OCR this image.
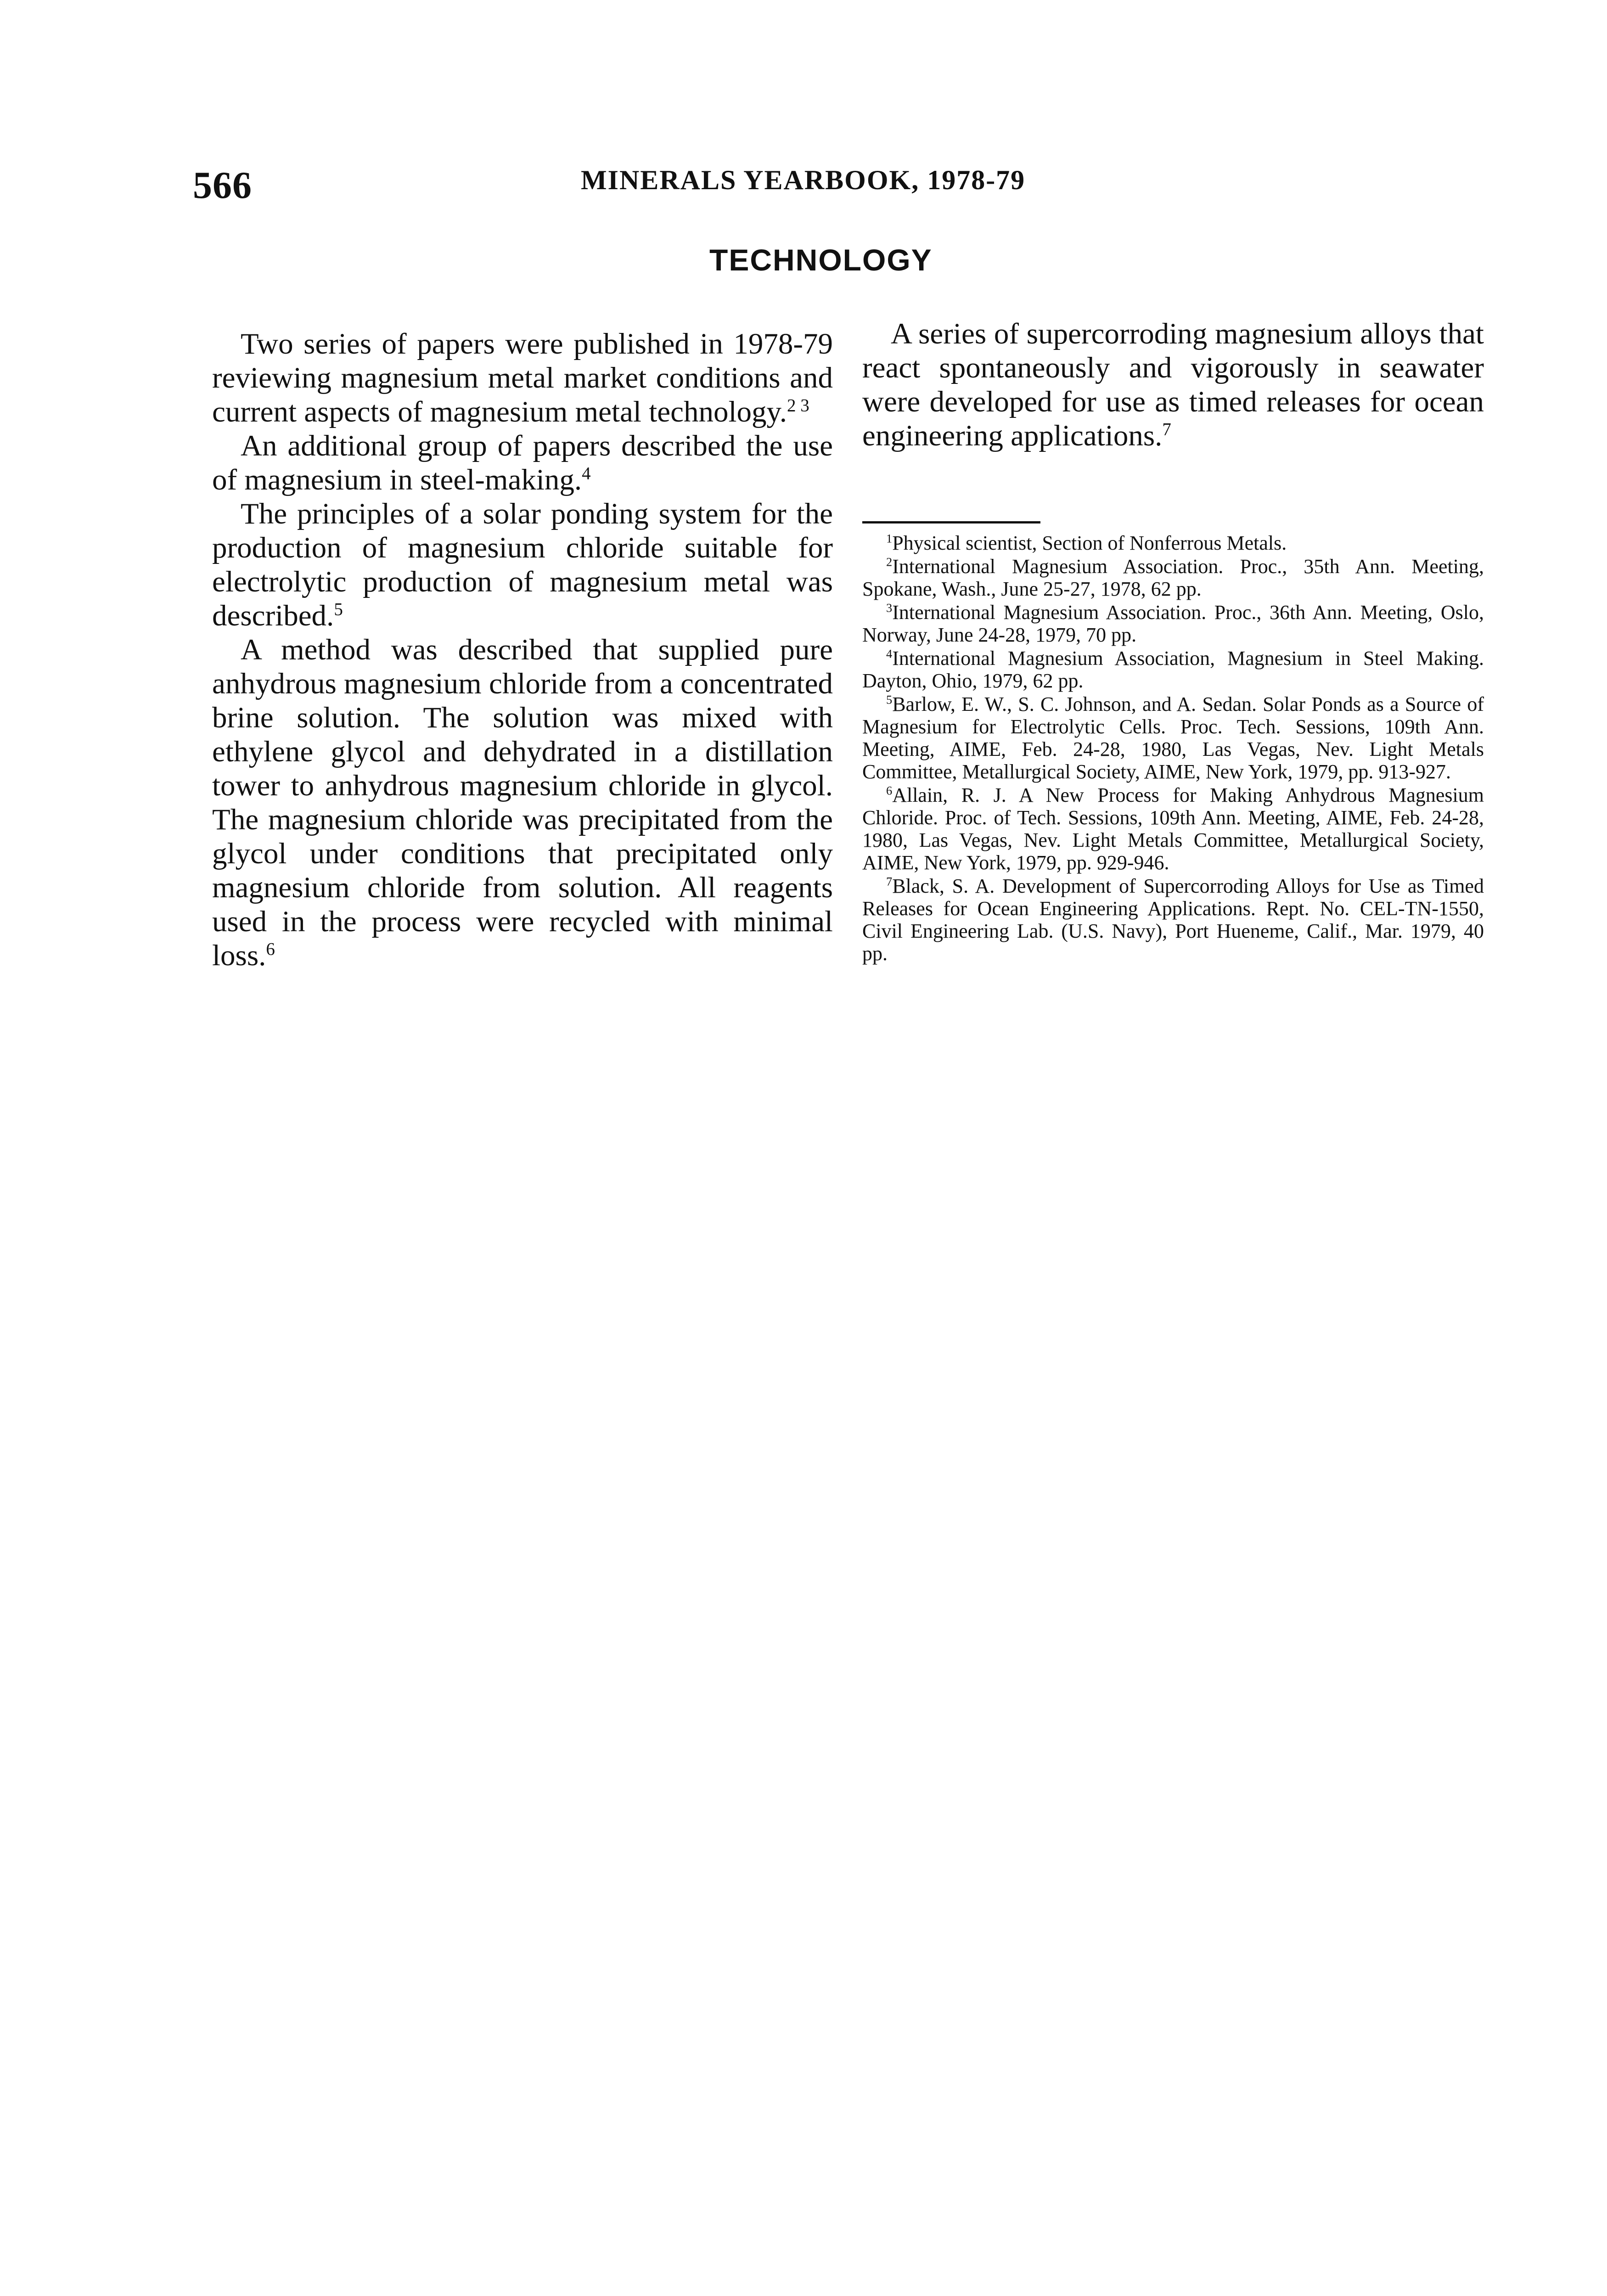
566	MINERALS YEARBOOK, 1978-79
TECHNOLOGY

Two series of papers were published in 1978-79 reviewing magnesium metal market conditions and current aspects of magnesium metal technology.$^{2 3}$

An additional group of papers described the use of magnesium in steel-making.$^4$

The principles of a solar ponding system for the production of magnesium chloride suitable for electrolytic production of magnesium metal was described.$^5$

A method was described that supplied pure anhydrous magnesium chloride from a concentrated brine solution. The solution was mixed with ethylene glycol and dehydrated in a distillation tower to anhydrous magnesium chloride in glycol. The magnesium chloride was precipitated from the glycol under conditions that precipitated only magnesium chloride from solution. All reagents used in the process were recycled with minimal loss.$^6$

A series of supercorroding magnesium alloys that react spontaneously and vigorously in seawater were developed for use as timed releases for ocean engineering applications.$^7$

$^1$Physical scientist, Section of Nonferrous Metals.

$^2$International Magnesium Association. Proc., 35th Ann. Meeting, Spokane, Wash., June 25-27, 1978, 62 pp.

$^3$International Magnesium Association. Proc., 36th Ann. Meeting, Oslo, Norway, June 24-28, 1979, 70 pp.

$^4$International Magnesium Association, Magnesium in Steel Making. Dayton, Ohio, 1979, 62 pp.

$^5$Barlow, E. W., S. C. Johnson, and A. Sedan. Solar Ponds as a Source of Magnesium for Electrolytic Cells. Proc. Tech. Sessions, 109th Ann. Meeting, AIME, Feb. 24-28, 1980, Las Vegas, Nev. Light Metals Committee, Metallurgical Society, AIME, New York, 1979, pp. 913-927.

$^6$Allain, R. J. A New Process for Making Anhydrous Magnesium Chloride. Proc. of Tech. Sessions, 109th Ann. Meeting, AIME, Feb. 24-28, 1980, Las Vegas, Nev. Light Metals Committee, Metallurgical Society, AIME, New York, 1979, pp. 929-946.

$^7$Black, S. A. Development of Supercorroding Alloys for Use as Timed Releases for Ocean Engineering Applications. Rept. No. CEL-TN-1550, Civil Engineering Lab. (U.S. Navy), Port Hueneme, Calif., Mar. 1979, 40 pp.
